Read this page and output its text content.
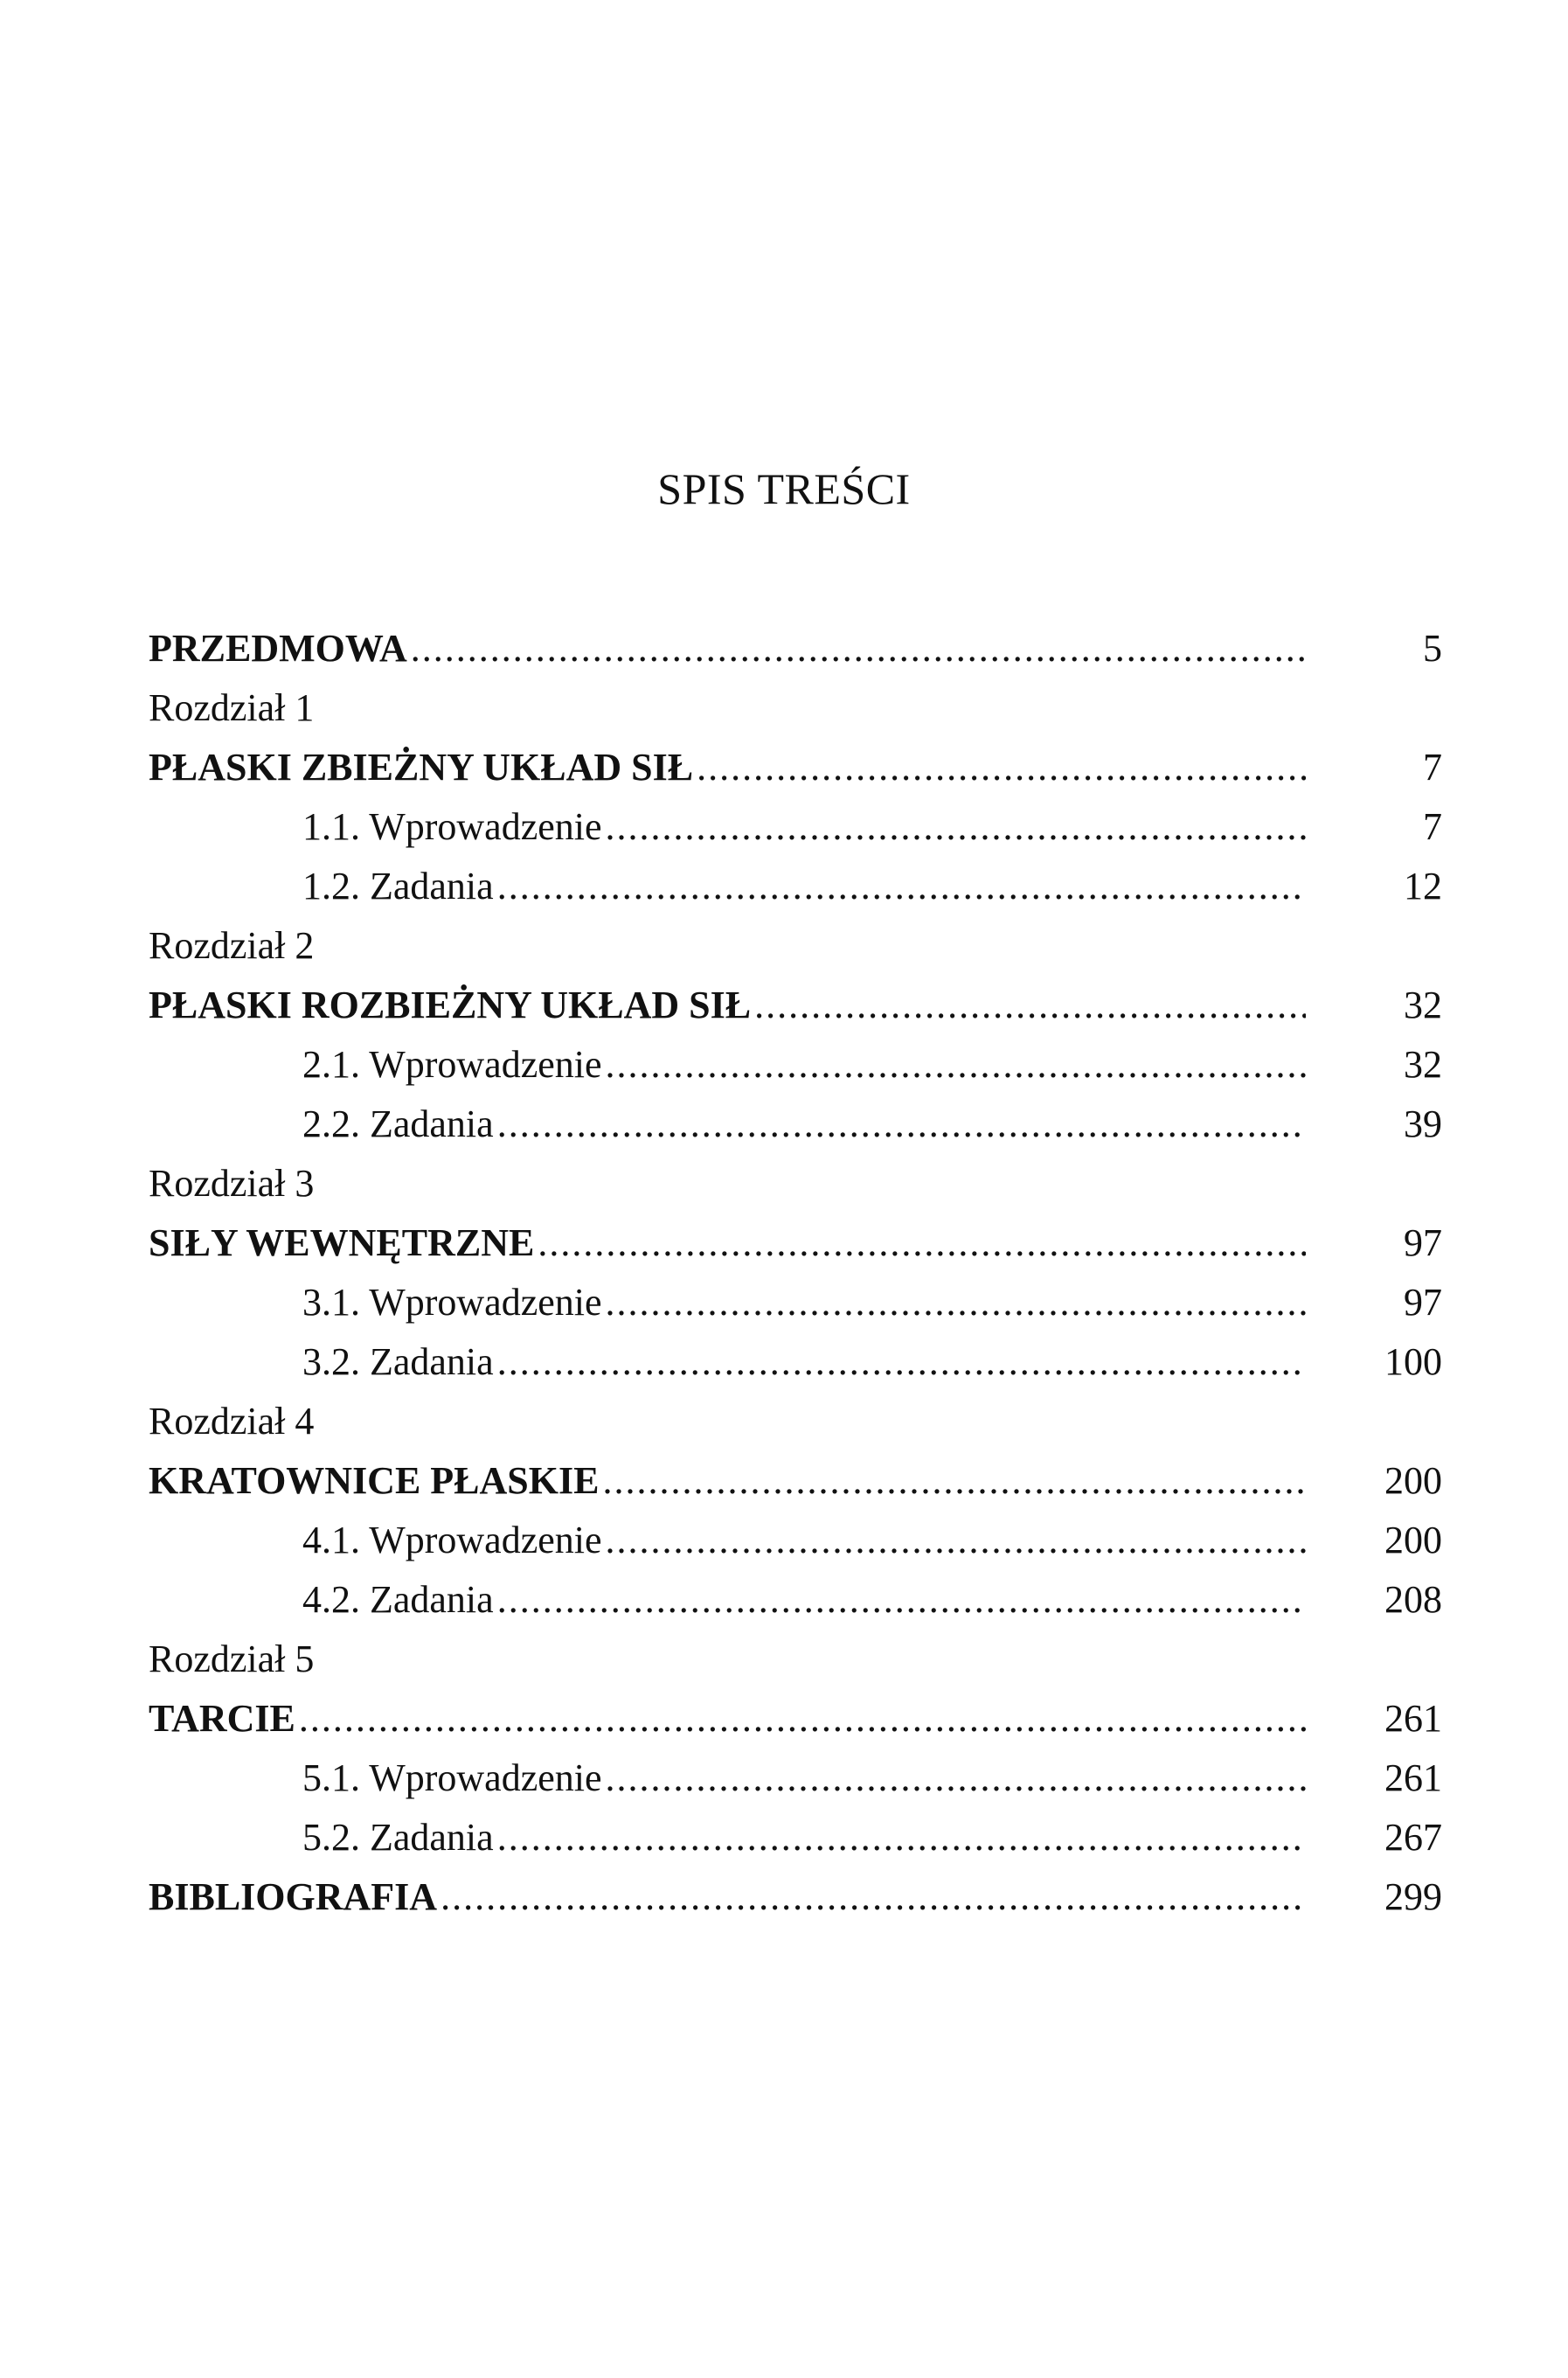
SPIS TREŚCI
PRZEDMOWA .....	5
Rozdział 1
PŁASKI ZBIEŻNY UKŁAD SIŁ .....	7
1.1. Wprowadzenie .....	7
1.2. Zadania .....	12
Rozdział 2
PŁASKI ROZBIEŻNY UKŁAD SIŁ .....	32
2.1. Wprowadzenie .....	32
2.2. Zadania .....	39
Rozdział 3
SIŁY WEWNĘTRZNE .....	97
3.1. Wprowadzenie .....	97
3.2. Zadania .....	100
Rozdział 4
KRATOWNICE PŁASKIE .....	200
4.1. Wprowadzenie .....	200
4.2. Zadania .....	208
Rozdział 5
TARCIE .....	261
5.1. Wprowadzenie .....	261
5.2. Zadania .....	267
BIBLIOGRAFIA .....	299
